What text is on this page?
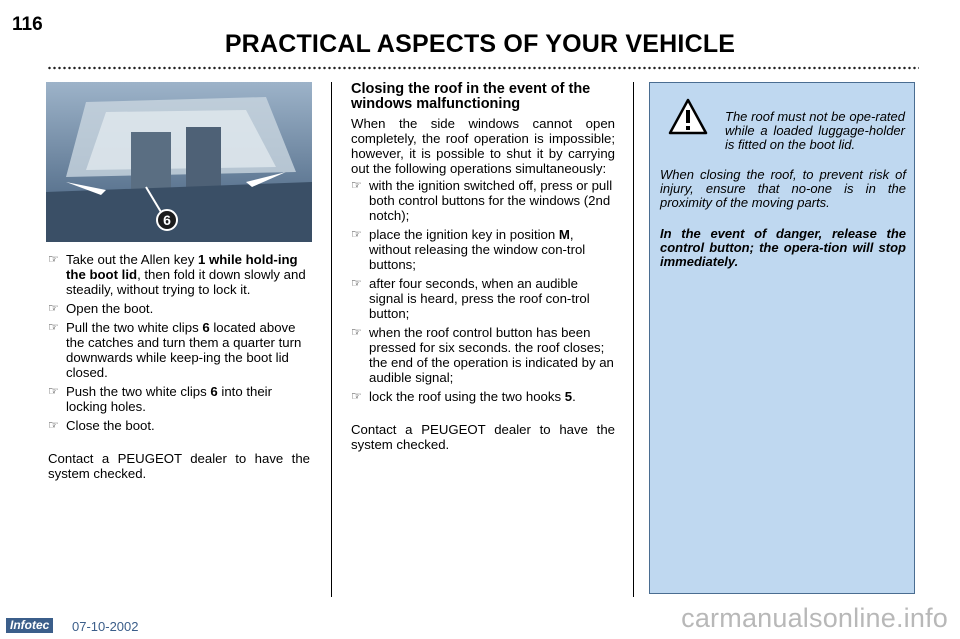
116
PRACTICAL ASPECTS OF YOUR VEHICLE
6
☞ Take out the Allen key 1 while hold-ing the boot lid, then fold it down slowly and steadily, without trying to lock it.
☞ Open the boot.
☞ Pull the two white clips 6 located above the catches and turn them a quarter turn downwards while keep-ing the boot lid closed.
☞ Push the two white clips 6 into their locking holes.
☞ Close the boot.

Contact a PEUGEOT dealer to have the system checked.

Closing the roof in the event of the windows malfunctioning

When the side windows cannot open completely, the roof operation is impossible; however, it is possible to shut it by carrying out the following operations simultaneously:

☞ with the ignition switched off, press or pull both control buttons for the windows (2nd notch);
☞ place the ignition key in position M, without releasing the window con-trol buttons;
☞ after four seconds, when an audible signal is heard, press the roof con-trol button;
☞ when the roof control button has been pressed for six seconds. the roof closes; the end of the operation is indicated by an audible signal;
☞ lock the roof using the two hooks 5.

Contact a PEUGEOT dealer to have the system checked.

The roof must not be ope-rated while a loaded luggage-holder is fitted on the boot lid.

When closing the roof, to prevent risk of injury, ensure that no-one is in the proximity of the moving parts.

In the event of danger, release the control button; the opera-tion will stop immediately.

Infotec	07-10-2002	carmanualsonline.info
